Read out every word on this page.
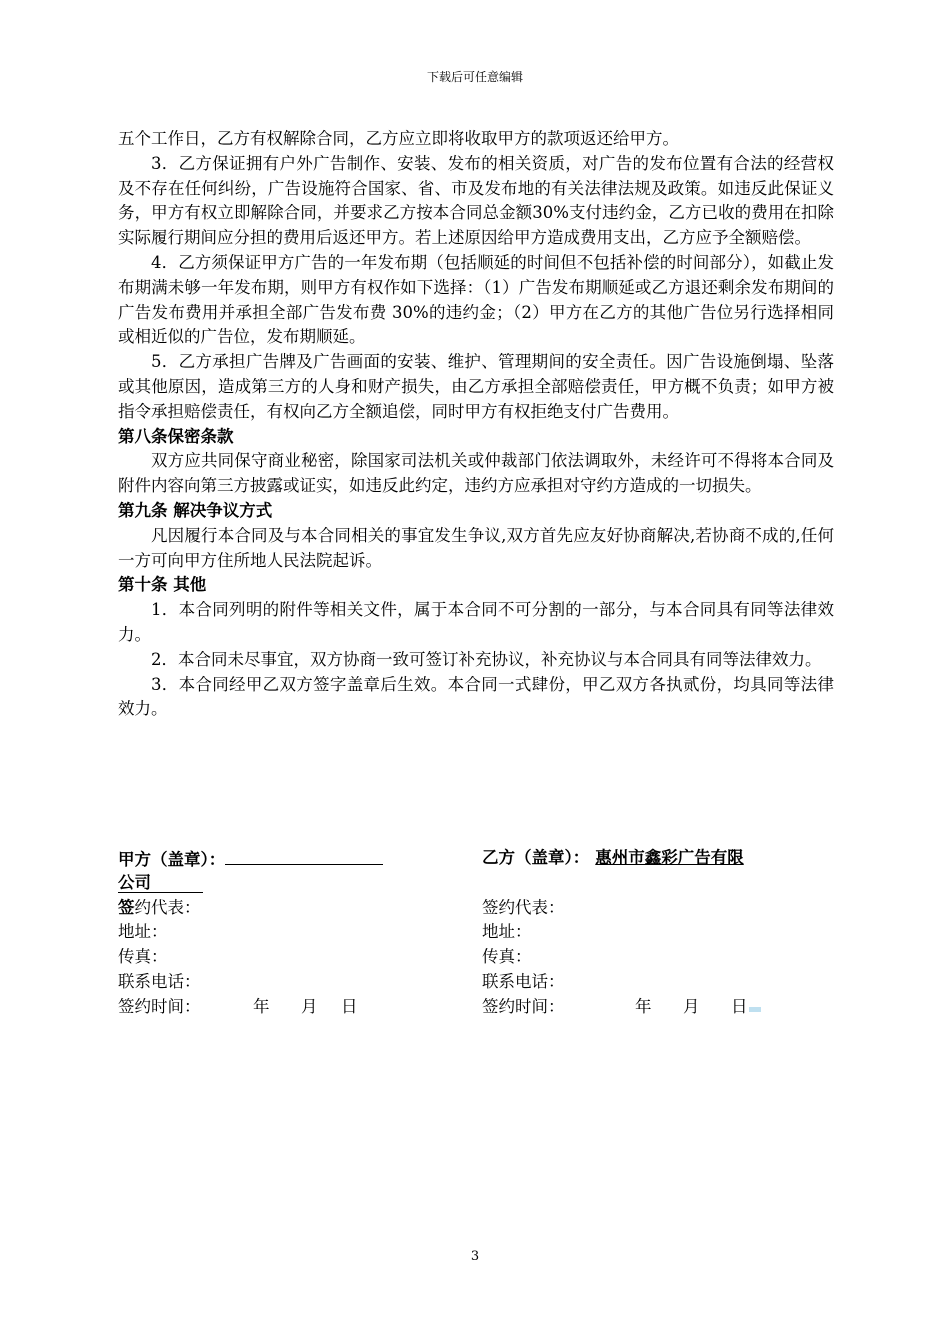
下载后可任意编辑

五个工作日，乙方有权解除合同，乙方应立即将收取甲方的款项返还给甲方。

3．乙方保证拥有户外广告制作、安装、发布的相关资质，对广告的发布位置有合法的经营权及不存在任何纠纷，广告设施符合国家、省、市及发布地的有关法律法规及政策。如违反此保证义务，甲方有权立即解除合同，并要求乙方按本合同总金额30%支付违约金，乙方已收的费用在扣除实际履行期间应分担的费用后返还甲方。若上述原因给甲方造成费用支出，乙方应予全额赔偿。

4．乙方须保证甲方广告的一年发布期（包括顺延的时间但不包括补偿的时间部分），如截止发布期满未够一年发布期，则甲方有权作如下选择：（1）广告发布期顺延或乙方退还剩余发布期间的广告发布费用并承担全部广告发布费 30%的违约金；（2）甲方在乙方的其他广告位另行选择相同或相近似的广告位，发布期顺延。

5．乙方承担广告牌及广告画面的安装、维护、管理期间的安全责任。因广告设施倒塌、坠落或其他原因，造成第三方的人身和财产损失，由乙方承担全部赔偿责任，甲方概不负责；如甲方被指令承担赔偿责任，有权向乙方全额追偿，同时甲方有权拒绝支付广告费用。

第八条保密条款

双方应共同保守商业秘密，除国家司法机关或仲裁部门依法调取外，未经许可不得将本合同及附件内容向第三方披露或证实，如违反此约定，违约方应承担对守约方造成的一切损失。

第九条 解决争议方式

凡因履行本合同及与本合同相关的事宜发生争议,双方首先应友好协商解决,若协商不成的,任何一方可向甲方住所地人民法院起诉。

第十条 其他

1．本合同列明的附件等相关文件，属于本合同不可分割的一部分，与本合同具有同等法律效力。

2．本合同未尽事宜，双方协商一致可签订补充协议，补充协议与本合同具有同等法律效力。

3．本合同经甲乙双方签字盖章后生效。本合同一式肆份，甲乙双方各执贰份，均具同等法律效力。

甲方（盖章）：	乙方（盖章）： 惠州市鑫彩广告有限
公司
签约代表：	签约代表：
地址：	地址：
传真：	传真：
联系电话：	联系电话：
签约时间：	年 月 日	签约时间：	年 月 日
3
